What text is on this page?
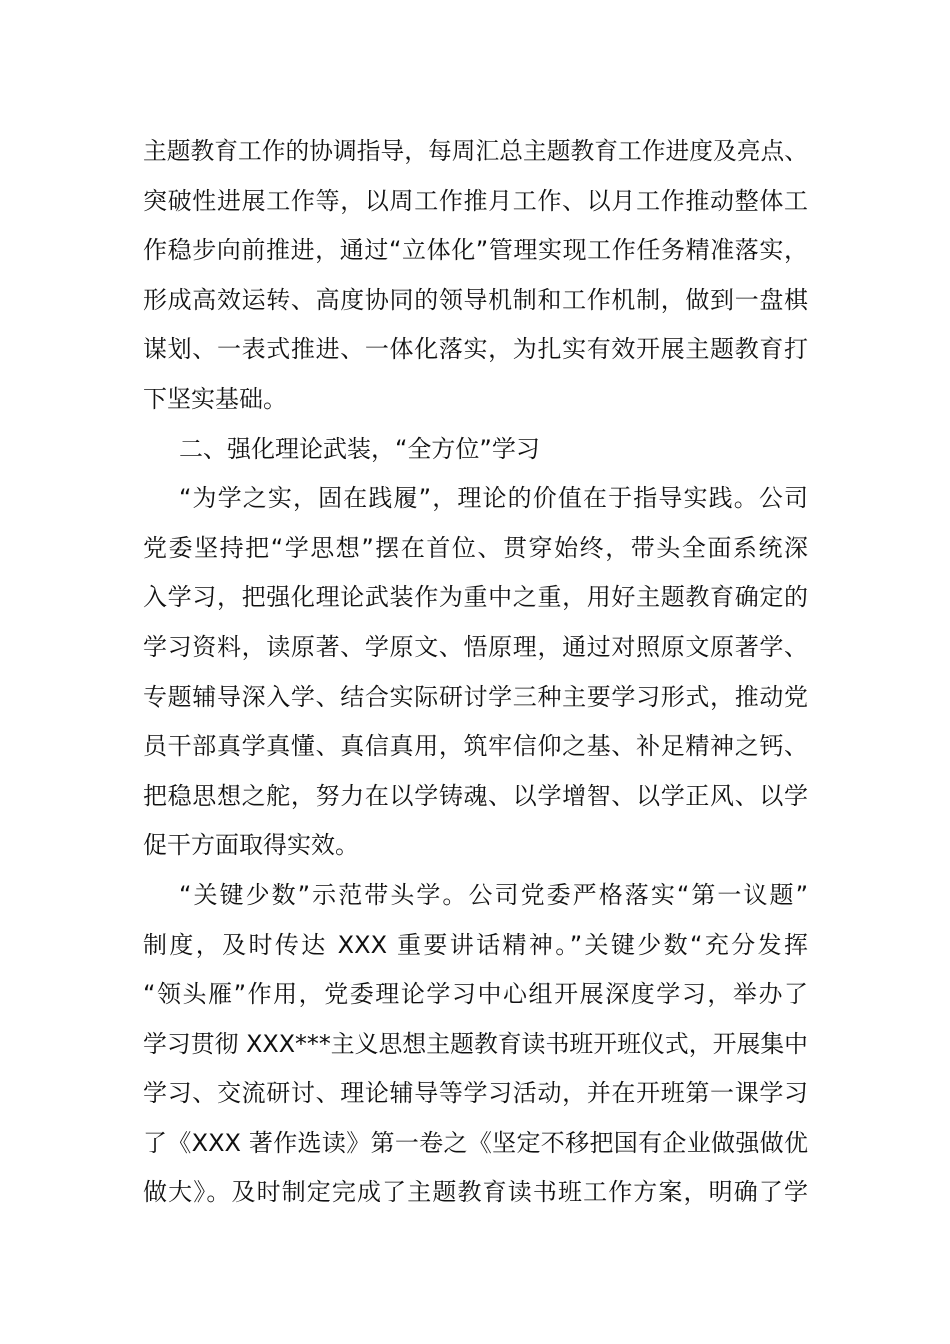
主题教育工作的协调指导，每周汇总主题教育工作进度及亮点、
突破性进展工作等，以周工作推月工作、以月工作推动整体工
作稳步向前推进，通过“立体化”管理实现工作任务精准落实，
形成高效运转、高度协同的领导机制和工作机制，做到一盘棋
谋划、一表式推进、一体化落实，为扎实有效开展主题教育打
下坚实基础。
二、强化理论武装，“全方位”学习
“为学之实，固在践履”，理论的价值在于指导实践。公司
党委坚持把“学思想”摆在首位、贯穿始终，带头全面系统深
入学习，把强化理论武装作为重中之重，用好主题教育确定的
学习资料，读原著、学原文、悟原理，通过对照原文原著学、
专题辅导深入学、结合实际研讨学三种主要学习形式，推动党
员干部真学真懂、真信真用，筑牢信仰之基、补足精神之钙、
把稳思想之舵，努力在以学铸魂、以学增智、以学正风、以学
促干方面取得实效。
“关键少数”示范带头学。公司党委严格落实“第一议题”
制度，及时传达 XXX 重要讲话精神。”关键少数“充分发挥
“领头雁”作用，党委理论学习中心组开展深度学习，举办了
学习贯彻 XXX***主义思想主题教育读书班开班仪式，开展集中
学习、交流研讨、理论辅导等学习活动，并在开班第一课学习
了《XXX 著作选读》第一卷之《坚定不移把国有企业做强做优
做大》。及时制定完成了主题教育读书班工作方案，明确了学
